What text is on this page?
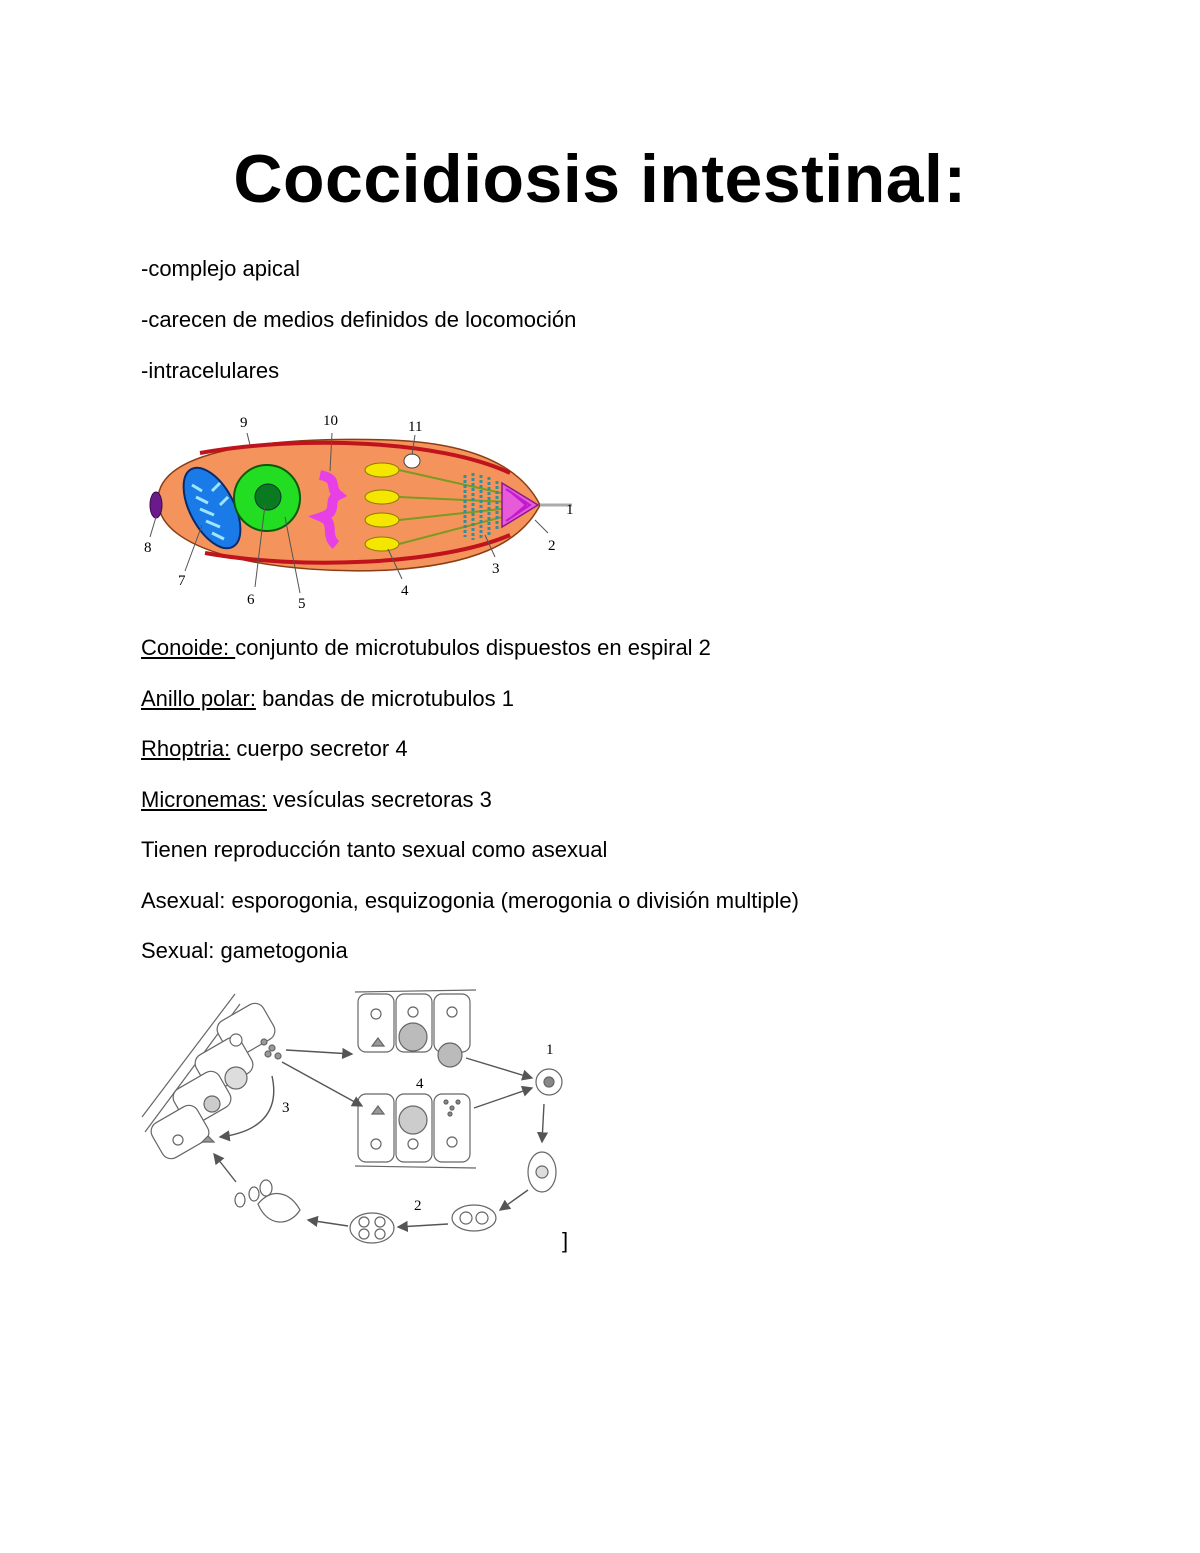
Coccidiosis intestinal:
-complejo apical
-carecen de medios definidos de locomoción
-intracelulares
9	10	11
1
2
3
4
5
6
7
8
Conoide: conjunto de microtubulos dispuestos en espiral 2
Anillo polar: bandas de microtubulos 1
Rhoptria: cuerpo secretor 4
Micronemas: vesículas secretoras 3
Tienen reproducción tanto sexual como asexual
Asexual: esporogonia, esquizogonia (merogonia o división multiple)
Sexual: gametogonia
1
2
3
4
]
